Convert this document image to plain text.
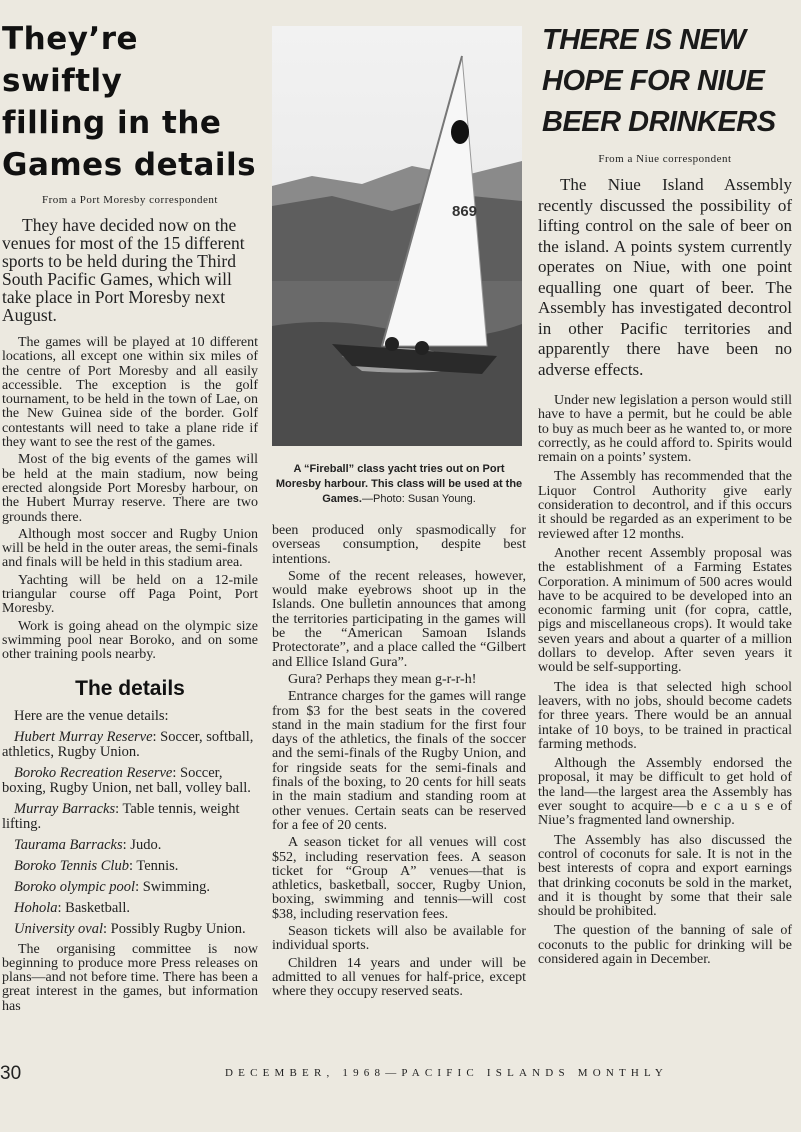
They’re swiftly
filling in the
Games details
From a Port Moresby correspondent

They have decided now on the venues for most of the 15 different sports to be held during the Third South Pacific Games, which will take place in Port Moresby next August.

The games will be played at 10 different locations, all except one within six miles of the centre of Port Moresby and all easily accessible. The exception is the golf tournament, to be held in the town of Lae, on the New Guinea side of the border. Golf contestants will need to take a plane ride if they want to see the rest of the games.

Most of the big events of the games will be held at the main stadium, now being erected alongside Port Moresby harbour, on the Hubert Murray reserve. There are two grounds there.

Although most soccer and Rugby Union will be held in the outer areas, the semi-finals and finals will be held in this stadium area.

Yachting will be held on a 12-mile triangular course off Paga Point, Port Moresby.

Work is going ahead on the olympic size swimming pool near Boroko, and on some other training pools nearby.

The details

Here are the venue details:

Hubert Murray Reserve: Soccer, softball, athletics, Rugby Union.

Boroko Recreation Reserve: Soccer, boxing, Rugby Union, net ball, volley ball.

Murray Barracks: Table tennis, weight lifting.

Taurama Barracks: Judo.

Boroko Tennis Club: Tennis.

Boroko olympic pool: Swimming.

Hohola: Basketball.

University oval: Possibly Rugby Union.

The organising committee is now beginning to produce more Press releases on plans—and not before time. There has been a great interest in the games, but information has

869
A “Fireball” class yacht tries out on Port Moresby harbour. This class will be used at the Games.—Photo: Susan Young.

been produced only spasmodically for overseas consumption, despite best intentions.

Some of the recent releases, however, would make eyebrows shoot up in the Islands. One bulletin announces that among the territories participating in the games will be the “American Samoan Islands Protectorate”, and a place called the “Gilbert and Ellice Island Gura”.

Gura? Perhaps they mean g-r-r-h!

Entrance charges for the games will range from $3 for the best seats in the covered stand in the main stadium for the first four days of the athletics, the finals of the soccer and the semi-finals of the Rugby Union, and for ringside seats for the semi-finals and finals of the boxing, to 20 cents for hill seats in the main stadium and standing room at other venues. Certain seats can be reserved for a fee of 20 cents.

A season ticket for all venues will cost $52, including reservation fees. A season ticket for “Group A” venues—that is athletics, basketball, soccer, Rugby Union, boxing, swimming and tennis—will cost $38, including reservation fees.

Season tickets will also be available for individual sports.

Children 14 years and under will be admitted to all venues for half-price, except where they occupy reserved seats.

THERE IS NEW
HOPE FOR NIUE
BEER DRINKERS
From a Niue correspondent

The Niue Island Assembly recently discussed the possibility of lifting control on the sale of beer on the island. A points system currently operates on Niue, with one point equalling one quart of beer. The Assembly has investigated decontrol in other Pacific territories and apparently there have been no adverse effects.

Under new legislation a person would still have to have a permit, but he could be able to buy as much beer as he wanted to, or more correctly, as he could afford to. Spirits would remain on a points’ system.

The Assembly has recommended that the Liquor Control Authority give early consideration to decontrol, and if this occurs it should be regarded as an experiment to be reviewed after 12 months.

Another recent Assembly proposal was the establishment of a Farming Estates Corporation. A minimum of 500 acres would have to be acquired to be developed into an economic farming unit (for copra, cattle, pigs and miscellaneous crops). It would take seven years and about a quarter of a million dollars to develop. After seven years it would be self-supporting.

The idea is that selected high school leavers, with no jobs, should become cadets for three years. There would be an annual intake of 10 boys, to be trained in practical farming methods.

Although the Assembly endorsed the proposal, it may be difficult to get hold of the land—the largest area the Assembly has ever sought to acquire—b e c a u s e of Niue’s fragmented land ownership.

The Assembly has also discussed the control of coconuts for sale. It is not in the best interests of copra and export earnings that drinking coconuts be sold in the market, and it is thought by some that their sale should be prohibited.

The question of the banning of sale of coconuts to the public for drinking will be considered again in December.

30	DECEMBER, 1968—PACIFIC ISLANDS MONTHLY
